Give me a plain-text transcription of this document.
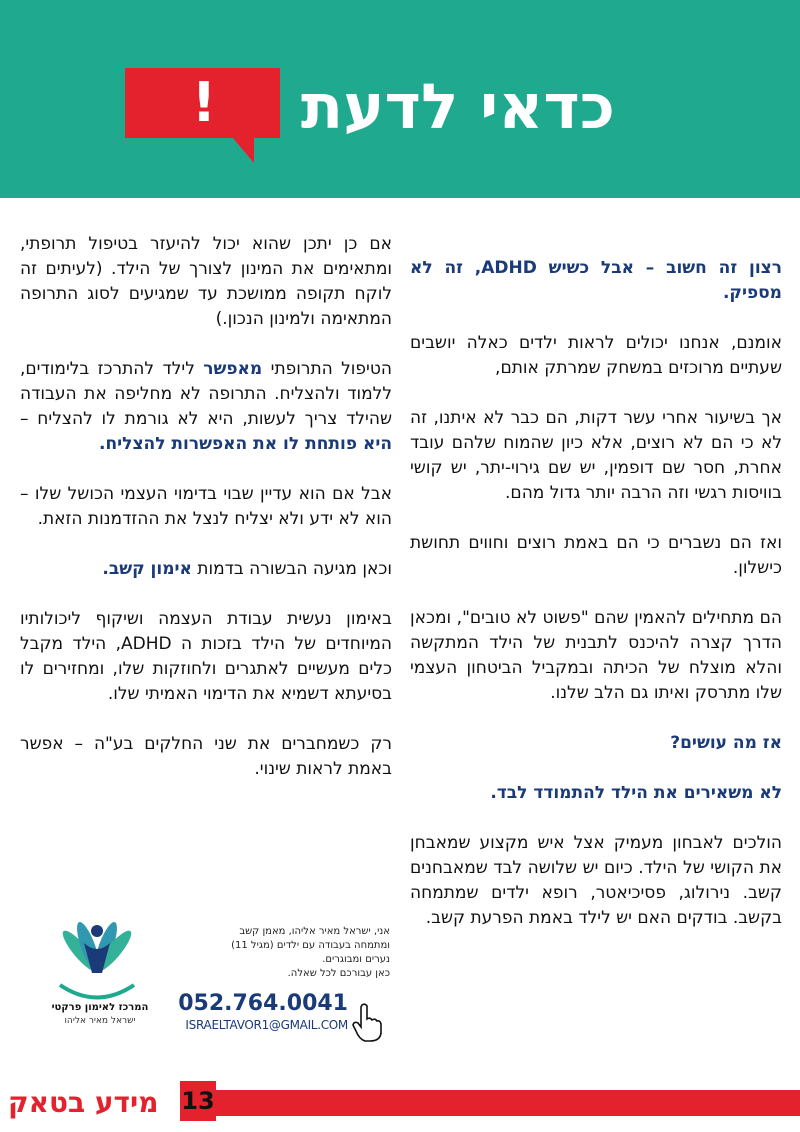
! כדאי לדעת

רצון זה חשוב – אבל כשיש ADHD, זה לא מספיק.

אומנם, אנחנו יכולים לראות ילדים כאלה יושבים שעתיים מרוכזים במשחק שמרתק אותם,

אך בשיעור אחרי עשר דקות, הם כבר לא איתנו, זה לא כי הם לא רוצים, אלא כיון שהמוח שלהם עובד אחרת, חסר שם דופמין, יש שם גירוי-יתר, יש קושי בוויסות רגשי וזה הרבה יותר גדול מהם.

ואז הם נשברים כי הם באמת רוצים וחווים תחושת כישלון.

הם מתחילים להאמין שהם "פשוט לא טובים", ומכאן הדרך קצרה להיכנס לתבנית של הילד המתקשה והלא מוצלח של הכיתה ובמקביל הביטחון העצמי שלו מתרסק ואיתו גם הלב שלנו.

אז מה עושים?

לא משאירים את הילד להתמודד לבד.

הולכים לאבחון מעמיק אצל איש מקצוע שמאבחן את הקושי של הילד. כיום יש שלושה לבד שמאבחנים קשב. נירולוג, פסיכיאטר, רופא ילדים שמתמחה בקשב. בודקים האם יש לילד באמת הפרעת קשב.

אם כן יתכן שהוא יכול להיעזר בטיפול תרופתי, ומתאימים את המינון לצורך של הילד. (לעיתים זה לוקח תקופה ממושכת עד שמגיעים לסוג התרופה המתאימה ולמינון הנכון.)

הטיפול התרופתי מאפשר לילד להתרכז בלימודים, ללמוד ולהצליח. התרופה לא מחליפה את העבודה שהילד צריך לעשות, היא לא גורמת לו להצליח – היא פותחת לו את האפשרות להצליח.

אבל אם הוא עדיין שבוי בדימוי העצמי הכושל שלו – הוא לא ידע ולא יצליח לנצל את ההזדמנות הזאת.

וכאן מגיעה הבשורה בדמות אימון קשב.

באימון נעשית עבודת העצמה ושיקוף ליכולותיו המיוחדים של הילד בזכות ה ADHD, הילד מקבל כלים מעשיים לאתגרים ולחוזקות שלו, ומחזירים לו בסיעתא דשמיא את הדימוי האמיתי שלו.

רק כשמחברים את שני החלקים בע"ה – אפשר באמת לראות שינוי.

ADHD
המרכז לאימון פרקטי
ישראל מאיר אליהו
אני, ישראל מאיר אליהו, מאמן קשב
ומתמחה בעבודה עם ילדים (מגיל 11)
נערים ומבוגרים.
כאן עבורכם לכל שאלה.
052.764.0041
ISRAELTAVOR1@GMAIL.COM
מידע בטאק 13
